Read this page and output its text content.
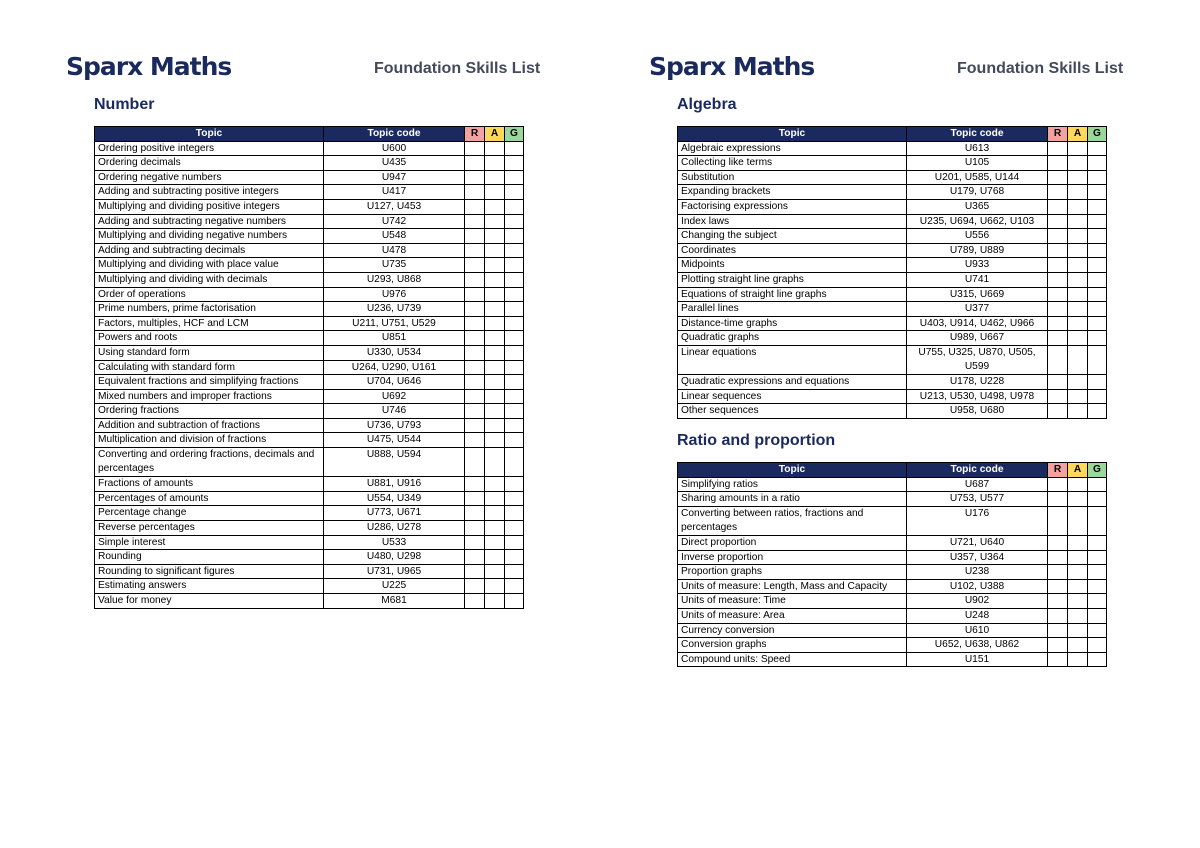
Sparx Maths	Foundation Skills List
Number
Topic	Topic code	R	A	G
Ordering positive integers	U600			
Ordering decimals	U435			
Ordering negative numbers	U947			
Adding and subtracting positive integers	U417			
Multiplying and dividing positive integers	U127, U453			
Adding and subtracting negative numbers	U742			
Multiplying and dividing negative numbers	U548			
Adding and subtracting decimals	U478			
Multiplying and dividing with place value	U735			
Multiplying and dividing with decimals	U293, U868			
Order of operations	U976			
Prime numbers, prime factorisation	U236, U739			
Factors, multiples, HCF and LCM	U211, U751, U529			
Powers and roots	U851			
Using standard form	U330, U534			
Calculating with standard form	U264, U290, U161			
Equivalent fractions and simplifying fractions	U704, U646			
Mixed numbers and improper fractions	U692			
Ordering fractions	U746			
Addition and subtraction of fractions	U736, U793			
Multiplication and division of fractions	U475, U544			
Converting and ordering fractions, decimals and percentages	U888, U594			
Fractions of amounts	U881, U916			
Percentages of amounts	U554, U349			
Percentage change	U773, U671			
Reverse percentages	U286, U278			
Simple interest	U533			
Rounding	U480, U298			
Rounding to significant figures	U731, U965			
Estimating answers	U225			
Value for money	M681			
Sparx Maths	Foundation Skills List
Algebra
Topic	Topic code	R	A	G
Algebraic expressions	U613			
Collecting like terms	U105			
Substitution	U201, U585, U144			
Expanding brackets	U179, U768			
Factorising expressions	U365			
Index laws	U235, U694, U662, U103			
Changing the subject	U556			
Coordinates	U789, U889			
Midpoints	U933			
Plotting straight line graphs	U741			
Equations of straight line graphs	U315, U669			
Parallel lines	U377			
Distance-time graphs	U403, U914, U462, U966			
Quadratic graphs	U989, U667			
Linear equations	U755, U325, U870, U505, U599			
Quadratic expressions and equations	U178, U228			
Linear sequences	U213, U530, U498, U978			
Other sequences	U958, U680			
Ratio and proportion
Topic	Topic code	R	A	G
Simplifying ratios	U687			
Sharing amounts in a ratio	U753, U577			
Converting between ratios, fractions and percentages	U176			
Direct proportion	U721, U640			
Inverse proportion	U357, U364			
Proportion graphs	U238			
Units of measure: Length, Mass and Capacity	U102, U388			
Units of measure: Time	U902			
Units of measure: Area	U248			
Currency conversion	U610			
Conversion graphs	U652, U638, U862			
Compound units: Speed	U151			
